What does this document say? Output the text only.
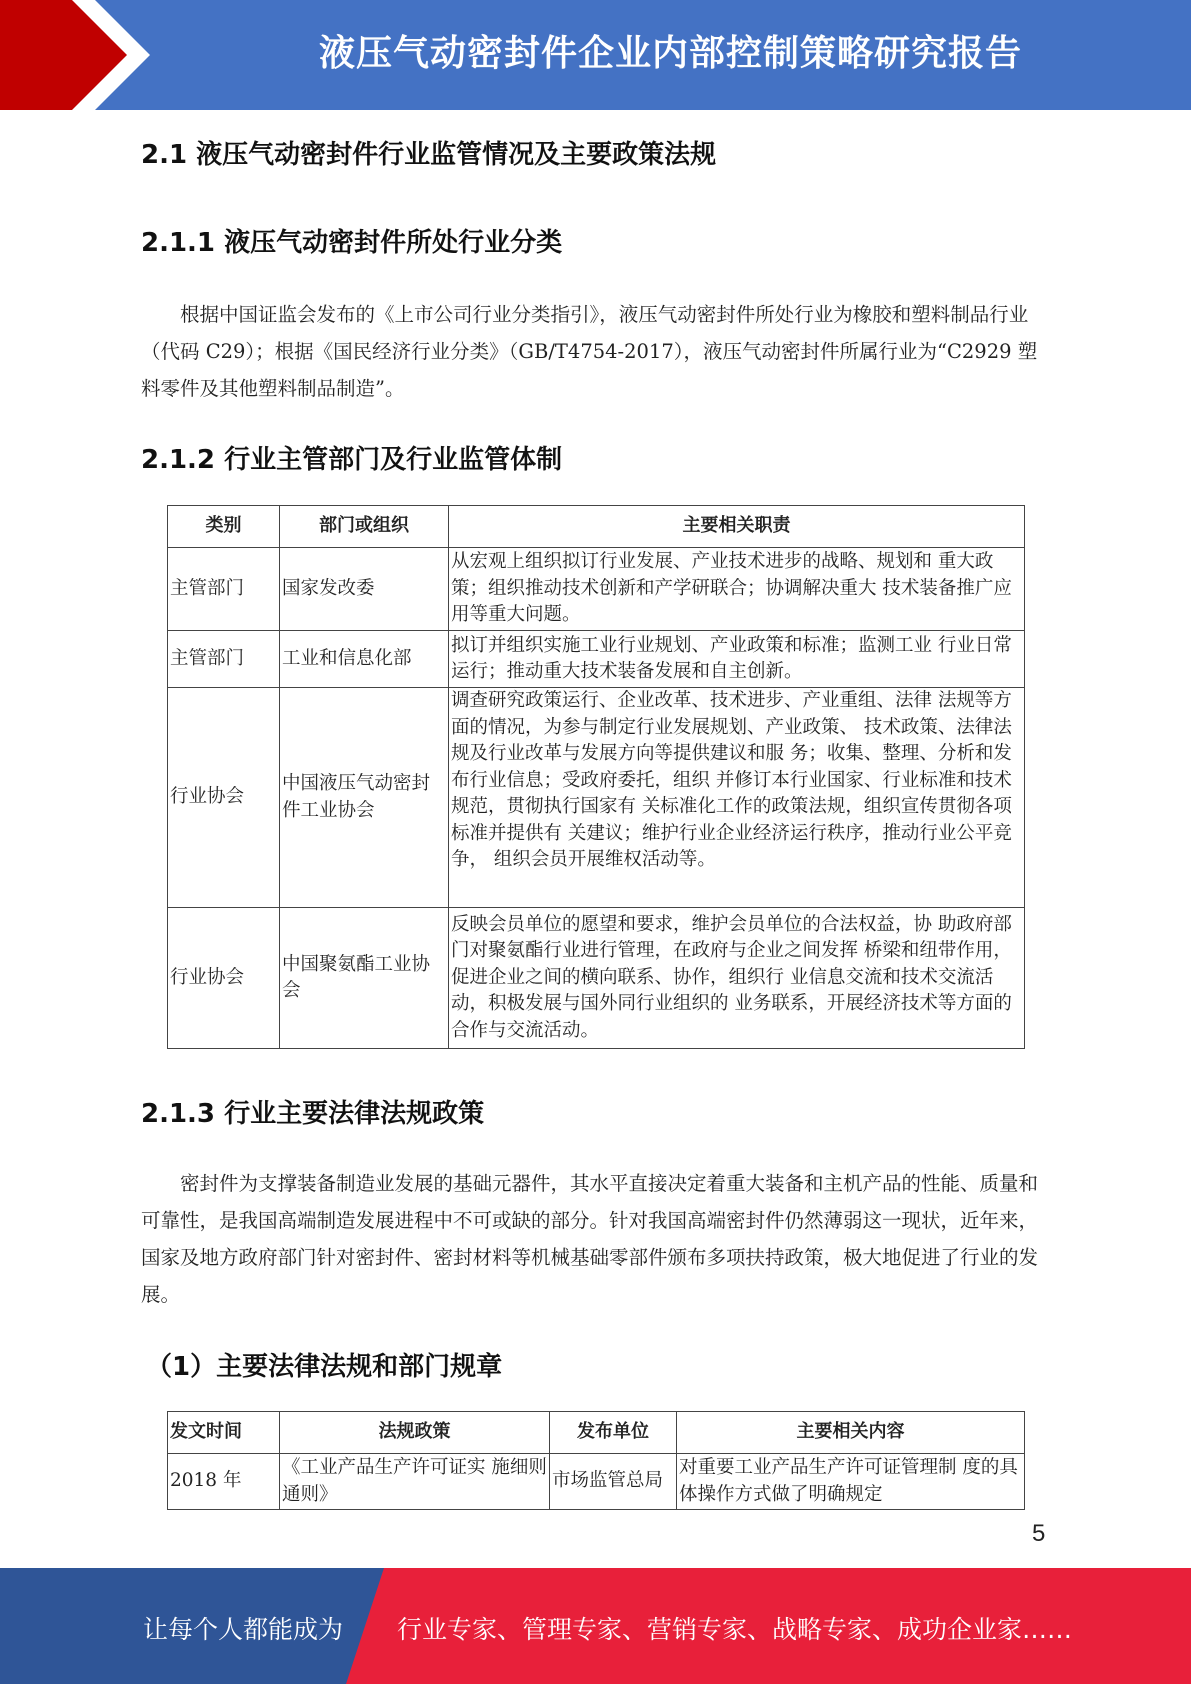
液压气动密封件企业内部控制策略研究报告
2.1 液压气动密封件行业监管情况及主要政策法规
2.1.1 液压气动密封件所处行业分类

根据中国证监会发布的《上市公司行业分类指引》，液压气动密封件所处行业为橡胶和塑料制品行业（代码 C29）；根据《国民经济行业分类》（GB/T4754-2017），液压气动密封件所属行业为“C2929 塑料零件及其他塑料制品制造”。

2.1.2 行业主管部门及行业监管体制
类别	部门或组织	主要相关职责
主管部门	国家发改委	从宏观上组织拟订行业发展、产业技术进步的战略、规划和 重大政策；组织推动技术创新和产学研联合；协调解决重大 技术装备推广应用等重大问题。
主管部门	工业和信息化部	拟订并组织实施工业行业规划、产业政策和标准；监测工业 行业日常运行；推动重大技术装备发展和自主创新。
行业协会	中国液压气动密封件工业协会	调查研究政策运行、企业改革、技术进步、产业重组、法律 法规等方面的情况，为参与制定行业发展规划、产业政策、 技术政策、法律法规及行业改革与发展方向等提供建议和服 务；收集、整理、分析和发布行业信息；受政府委托，组织 并修订本行业国家、行业标准和技术规范，贯彻执行国家有 关标准化工作的政策法规，组织宣传贯彻各项标准并提供有 关建议；维护行业企业经济运行秩序，推动行业公平竞争， 组织会员开展维权活动等。
行业协会	中国聚氨酯工业协会	反映会员单位的愿望和要求，维护会员单位的合法权益，协 助政府部门对聚氨酯行业进行管理，在政府与企业之间发挥 桥梁和纽带作用，促进企业之间的横向联系、协作，组织行 业信息交流和技术交流活动，积极发展与国外同行业组织的 业务联系，开展经济技术等方面的合作与交流活动。
2.1.3 行业主要法律法规政策

密封件为支撑装备制造业发展的基础元器件，其水平直接决定着重大装备和主机产品的性能、质量和可靠性，是我国高端制造发展进程中不可或缺的部分。针对我国高端密封件仍然薄弱这一现状，近年来，国家及地方政府部门针对密封件、密封材料等机械基础零部件颁布多项扶持政策，极大地促进了行业的发展。

（1）主要法律法规和部门规章
发文时间	法规政策	发布单位	主要相关内容
2018 年	《工业产品生产许可证实 施细则通则》	市场监管总局	对重要工业产品生产许可证管理制 度的具体操作方式做了明确规定
5
让每个人都能成为 行业专家、管理专家、营销专家、战略专家、成功企业家……
